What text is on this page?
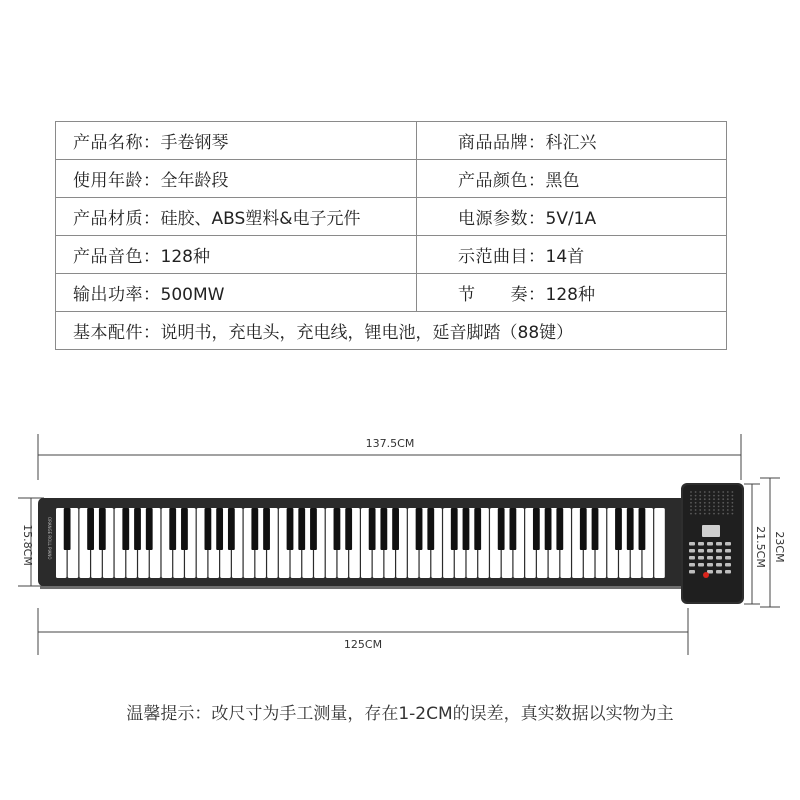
产品名称：手卷钢琴	商品品牌：科汇兴
使用年龄：全年龄段	产品颜色：黑色
产品材质：硅胶、ABS塑料&电子元件	电源参数：5V/1A
产品音色：128种	示范曲目：14首
输出功率：500MW	节　　奏：128种
基本配件：说明书，充电头，充电线，锂电池，延音脚踏（88键）	
ORANGE ROLL PIANO
137.5CM
125CM
15.8CM	21.5CM 23CM
温馨提示：改尺寸为手工测量，存在1-2CM的误差，真实数据以实物为主
